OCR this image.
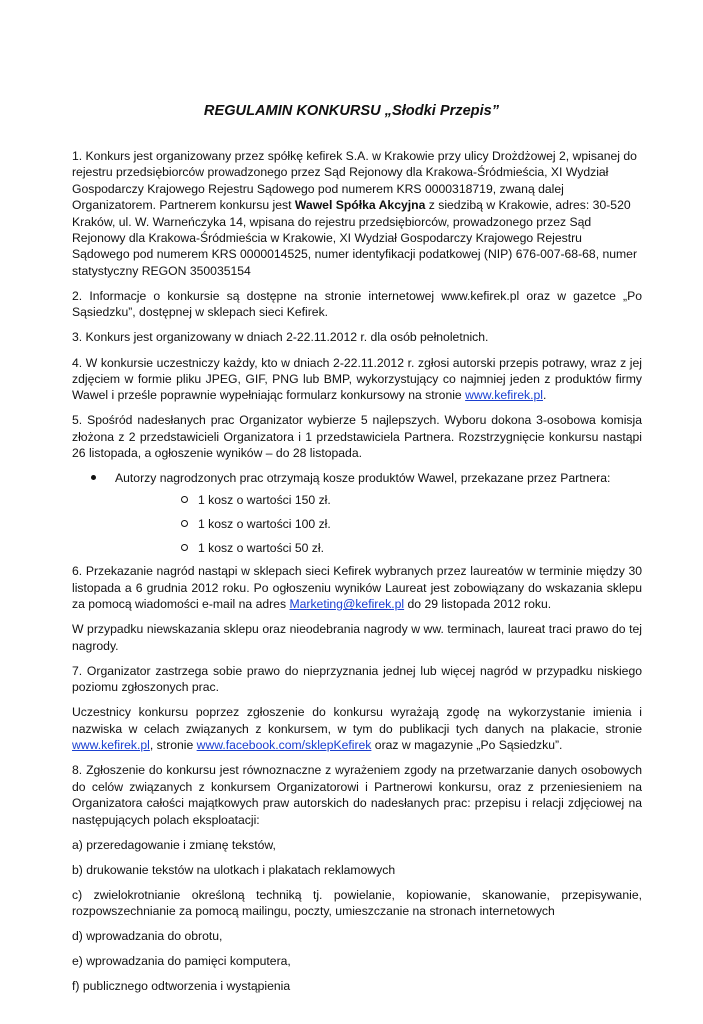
REGULAMIN KONKURSU „Słodki Przepis”

1. Konkurs jest organizowany przez spółkę kefirek S.A. w Krakowie przy ulicy Drożdżowej 2, wpisanej do rejestru przedsiębiorców prowadzonego przez Sąd Rejonowy dla Krakowa-Śródmieścia, XI Wydział Gospodarczy Krajowego Rejestru Sądowego pod numerem KRS 0000318719, zwaną dalej Organizatorem. Partnerem konkursu jest Wawel Spółka Akcyjna z siedzibą w Krakowie, adres: 30-520 Kraków, ul. W. Warneńczyka 14, wpisana do rejestru przedsiębiorców, prowadzonego przez Sąd Rejonowy dla Krakowa-Śródmieścia w Krakowie, XI Wydział Gospodarczy Krajowego Rejestru Sądowego pod numerem KRS 0000014525, numer identyfikacji podatkowej (NIP) 676-007-68-68, numer statystyczny REGON 350035154

2. Informacje o konkursie są dostępne na stronie internetowej www.kefirek.pl oraz w gazetce „Po Sąsiedzku”, dostępnej w sklepach sieci Kefirek.

3. Konkurs jest organizowany w dniach 2-22.11.2012 r. dla osób pełnoletnich.

4. W konkursie uczestniczy każdy, kto w dniach 2-22.11.2012 r. zgłosi autorski przepis potrawy, wraz z jej zdjęciem w formie pliku JPEG, GIF, PNG lub BMP, wykorzystujący co najmniej jeden z produktów firmy Wawel i prześle poprawnie wypełniając formularz konkursowy na stronie www.kefirek.pl.

5. Spośród nadesłanych prac Organizator wybierze 5 najlepszych. Wyboru dokona 3-osobowa komisja złożona z 2 przedstawicieli Organizatora i 1 przedstawiciela Partnera. Rozstrzygnięcie konkursu nastąpi 26 listopada, a ogłoszenie wyników – do 28 listopada.

Autorzy nagrodzonych prac otrzymają kosze produktów Wawel, przekazane przez Partnera:
1 kosz o wartości 150 zł.
1 kosz o wartości 100 zł.
1 kosz o wartości 50 zł.

6. Przekazanie nagród nastąpi w sklepach sieci Kefirek wybranych przez laureatów w terminie między 30 listopada a 6 grudnia 2012 roku. Po ogłoszeniu wyników Laureat jest zobowiązany do wskazania sklepu za pomocą wiadomości e-mail na adres Marketing@kefirek.pl do 29 listopada 2012 roku.

W przypadku niewskazania sklepu oraz nieodebrania nagrody w ww. terminach, laureat traci prawo do tej nagrody.

7. Organizator zastrzega sobie prawo do nieprzyznania jednej lub więcej nagród w przypadku niskiego poziomu zgłoszonych prac.

Uczestnicy konkursu poprzez zgłoszenie do konkursu wyrażają zgodę na wykorzystanie imienia i nazwiska w celach związanych z konkursem, w tym do publikacji tych danych na plakacie, stronie www.kefirek.pl, stronie www.facebook.com/sklepKefirek oraz w magazynie „Po Sąsiedzku”.

8. Zgłoszenie do konkursu jest równoznaczne z wyrażeniem zgody na przetwarzanie danych osobowych do celów związanych z konkursem Organizatorowi i Partnerowi konkursu, oraz z przeniesieniem na Organizatora całości majątkowych praw autorskich do nadesłanych prac: przepisu i relacji zdjęciowej na następujących polach eksploatacji:

a) przeredagowanie i zmianę tekstów,

b) drukowanie tekstów na ulotkach i plakatach reklamowych

c) zwielokrotnianie określoną techniką tj. powielanie, kopiowanie, skanowanie, przepisywanie, rozpowszechnianie za pomocą mailingu, poczty, umieszczanie na stronach internetowych

d) wprowadzania do obrotu,

e) wprowadzania do pamięci komputera,

f) publicznego odtworzenia i wystąpienia
